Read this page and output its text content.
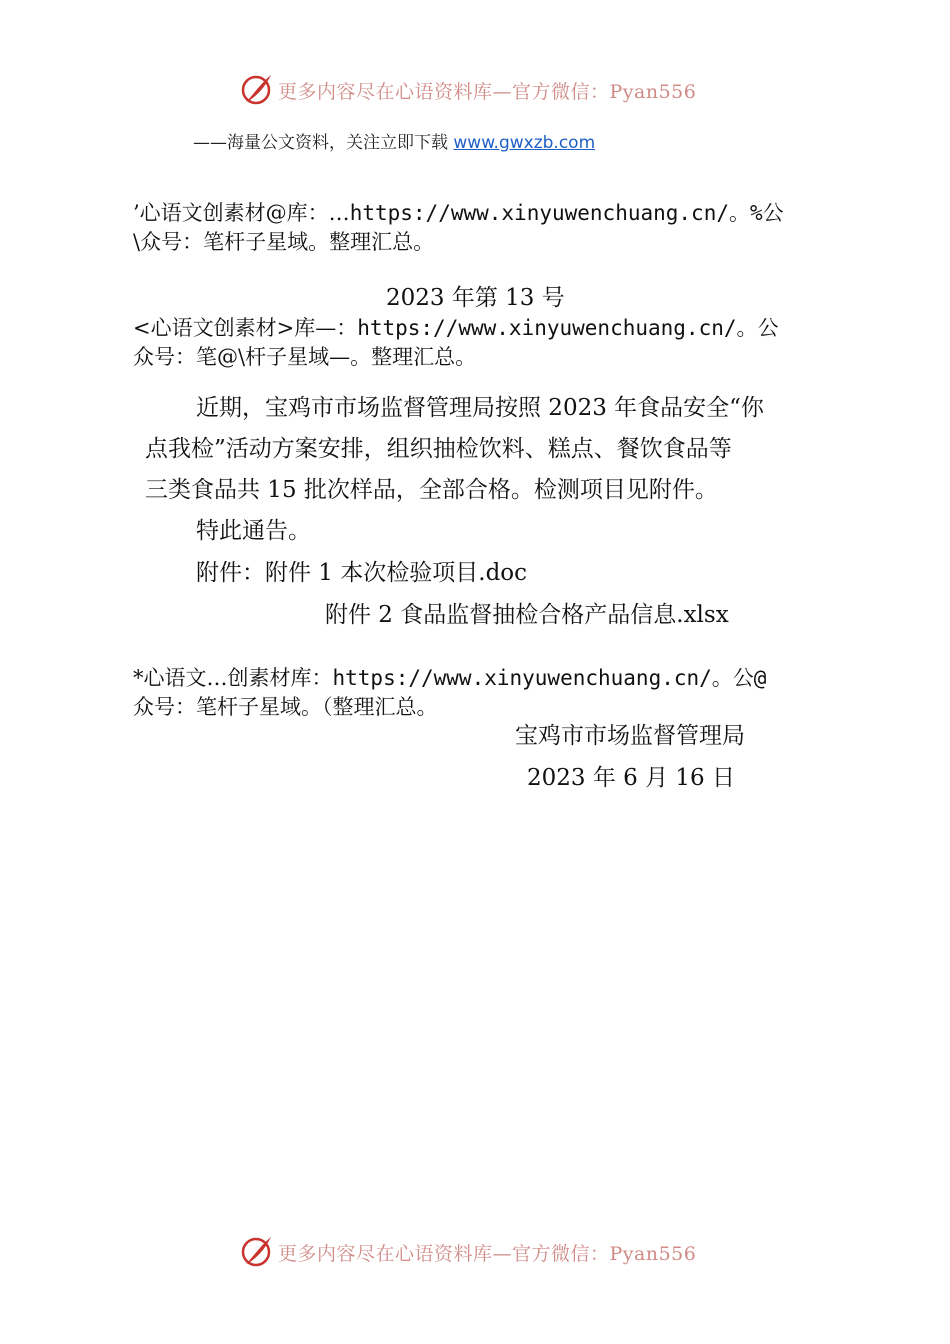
更多内容尽在心语资料库—官方微信：Pyan556
——海量公文资料，关注立即下载 www.gwxzb.com
’心语文创素材@库：…https://www.xinyuwenchuang.cn/。%公
\众号：笔杆子星域。整理汇总。
2023 年第 13 号
<心语文创素材>库—：https://www.xinyuwenchuang.cn/。公
众号：笔@\杆子星域—。整理汇总。
近期，宝鸡市市场监督管理局按照 2023 年食品安全“你
点我检”活动方案安排，组织抽检饮料、糕点、餐饮食品等
三类食品共 15 批次样品，全部合格。检测项目见附件。
特此通告。
附件：附件 1 本次检验项目.doc
附件 2 食品监督抽检合格产品信息.xlsx
*心语文…创素材库：https://www.xinyuwenchuang.cn/。公@
众号：笔杆子星域。（整理汇总。
宝鸡市市场监督管理局
2023 年 6 月 16 日
更多内容尽在心语资料库—官方微信：Pyan556
